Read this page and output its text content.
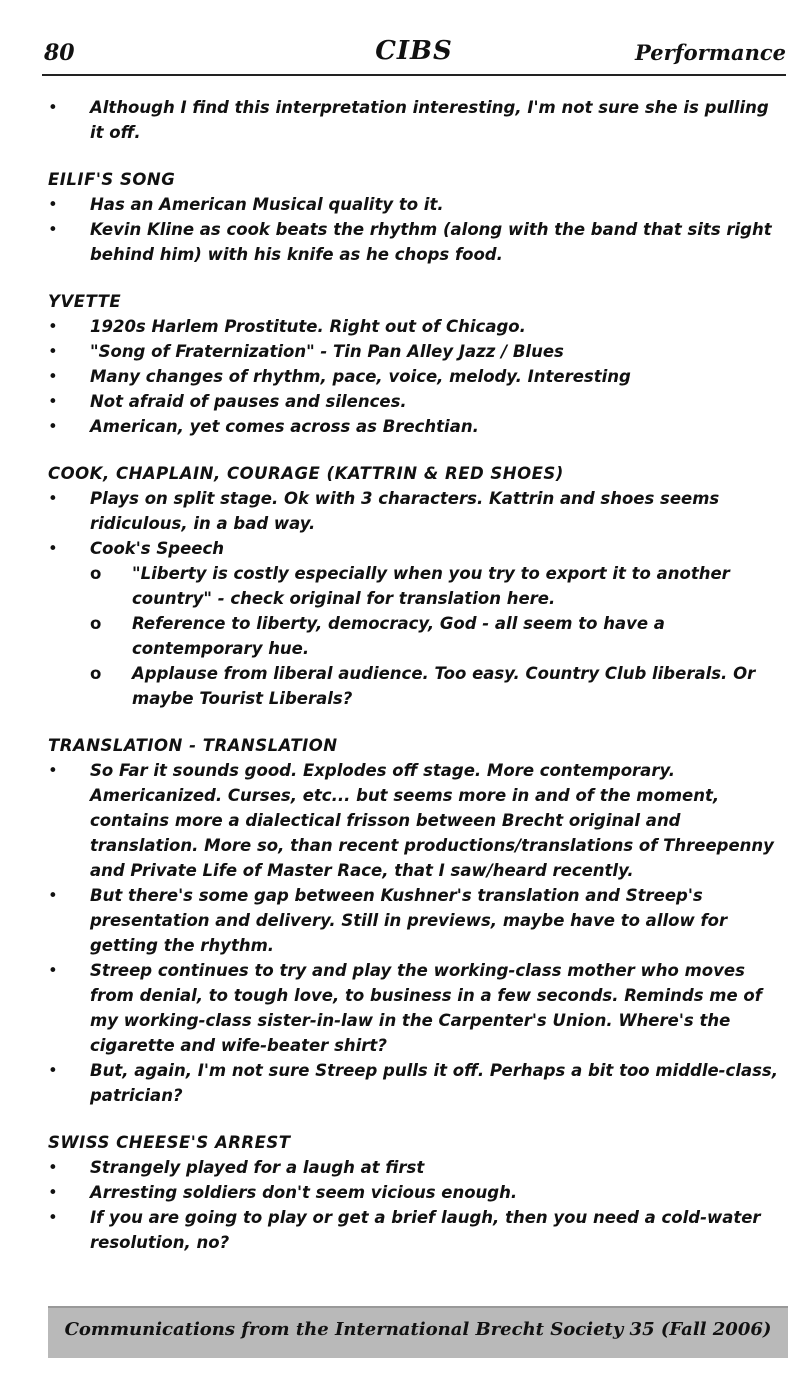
80	CIBS	Performance

• Although I find this interpretation interesting, I'm not sure she is pulling it off.

EILIF'S SONG

• Has an American Musical quality to it.

• Kevin Kline as cook beats the rhythm (along with the band that sits right behind him) with his knife as he chops food.

YVETTE

• 1920s Harlem Prostitute. Right out of Chicago.

• "Song of Fraternization" - Tin Pan Alley Jazz / Blues

• Many changes of rhythm, pace, voice, melody. Interesting

• Not afraid of pauses and silences.

• American, yet comes across as Brechtian.

COOK, CHAPLAIN, COURAGE (KATTRIN & RED SHOES)

• Plays on split stage. Ok with 3 characters. Kattrin and shoes seems ridiculous, in a bad way.

• Cook's Speech

o "Liberty is costly especially when you try to export it to another country" - check original for translation here.

o Reference to liberty, democracy, God - all seem to have a contemporary hue.

o Applause from liberal audience. Too easy. Country Club liberals. Or maybe Tourist Liberals?

TRANSLATION - TRANSLATION

• So Far it sounds good. Explodes off stage. More contemporary. Americanized. Curses, etc... but seems more in and of the moment, contains more a dialectical frisson between Brecht original and translation. More so, than recent productions/translations of Threepenny and Private Life of Master Race, that I saw/heard recently.

• But there's some gap between Kushner's translation and Streep's presentation and delivery. Still in previews, maybe have to allow for getting the rhythm.

• Streep continues to try and play the working-class mother who moves from denial, to tough love, to business in a few seconds. Reminds me of my working-class sister-in-law in the Carpenter's Union. Where's the cigarette and wife-beater shirt?

• But, again, I'm not sure Streep pulls it off. Perhaps a bit too middle-class, patrician?

SWISS CHEESE'S ARREST

• Strangely played for a laugh at first

• Arresting soldiers don't seem vicious enough.

• If you are going to play or get a brief laugh, then you need a cold-water resolution, no?

Communications from the International Brecht Society 35 (Fall 2006)
